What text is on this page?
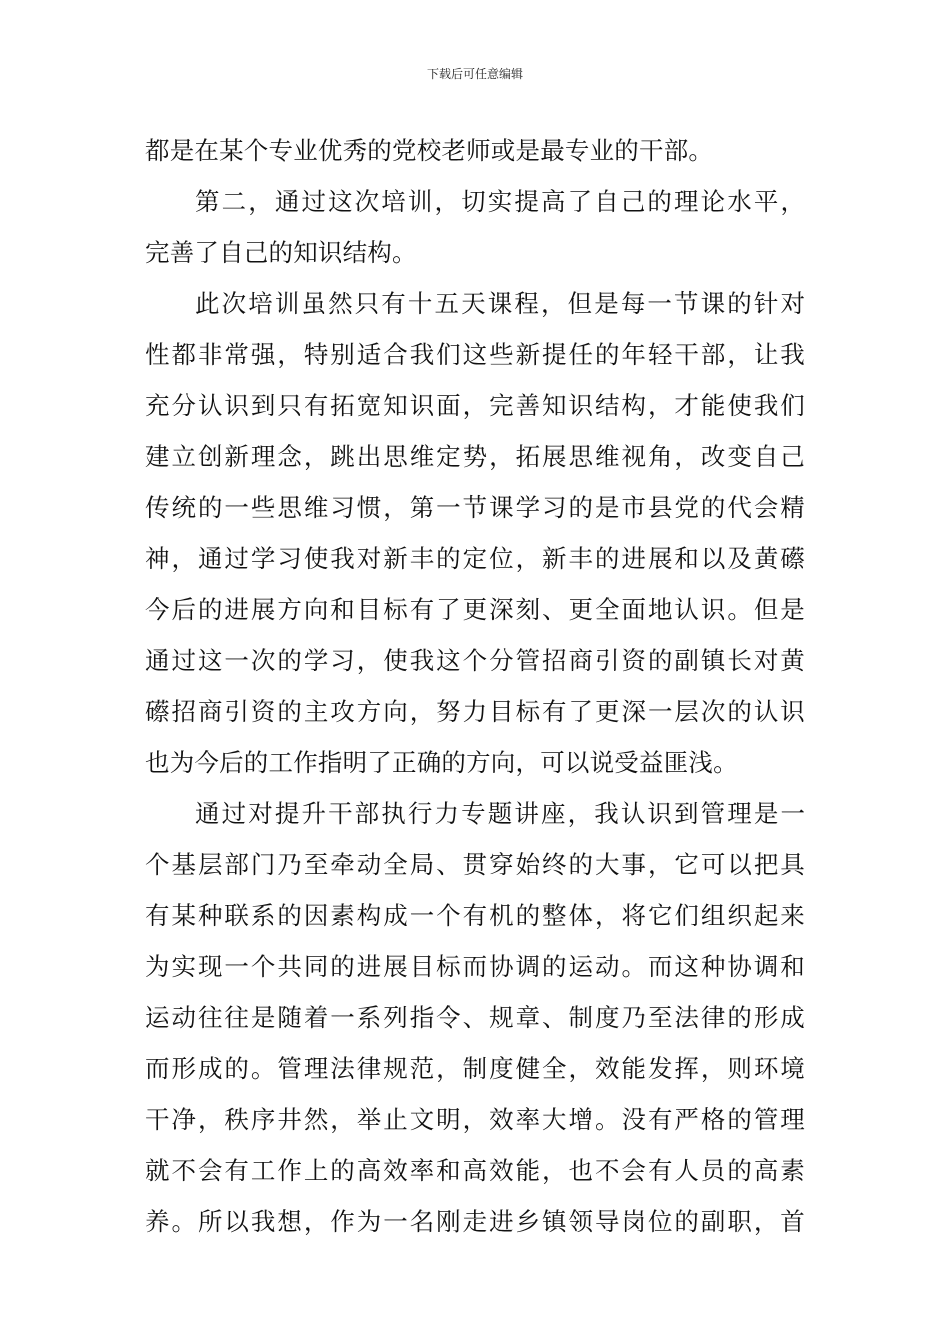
下载后可任意编辑
都是在某个专业优秀的党校老师或是最专业的干部。
第二，通过这次培训，切实提高了自己的理论水平，
完善了自己的知识结构。
此次培训虽然只有十五天课程，但是每一节课的针对
性都非常强，特别适合我们这些新提任的年轻干部，让我
充分认识到只有拓宽知识面，完善知识结构，才能使我们
建立创新理念，跳出思维定势，拓展思维视角，改变自己
传统的一些思维习惯，第一节课学习的是市县党的代会精
神，通过学习使我对新丰的定位，新丰的进展和以及黄礤
今后的进展方向和目标有了更深刻、更全面地认识。但是
通过这一次的学习，使我这个分管招商引资的副镇长对黄
礤招商引资的主攻方向，努力目标有了更深一层次的认识
也为今后的工作指明了正确的方向，可以说受益匪浅。
通过对提升干部执行力专题讲座，我认识到管理是一
个基层部门乃至牵动全局、贯穿始终的大事，它可以把具
有某种联系的因素构成一个有机的整体，将它们组织起来
为实现一个共同的进展目标而协调的运动。而这种协调和
运动往往是随着一系列指令、规章、制度乃至法律的形成
而形成的。管理法律规范，制度健全，效能发挥，则环境
干净，秩序井然，举止文明，效率大增。没有严格的管理
就不会有工作上的高效率和高效能，也不会有人员的高素
养。所以我想，作为一名刚走进乡镇领导岗位的副职，首
